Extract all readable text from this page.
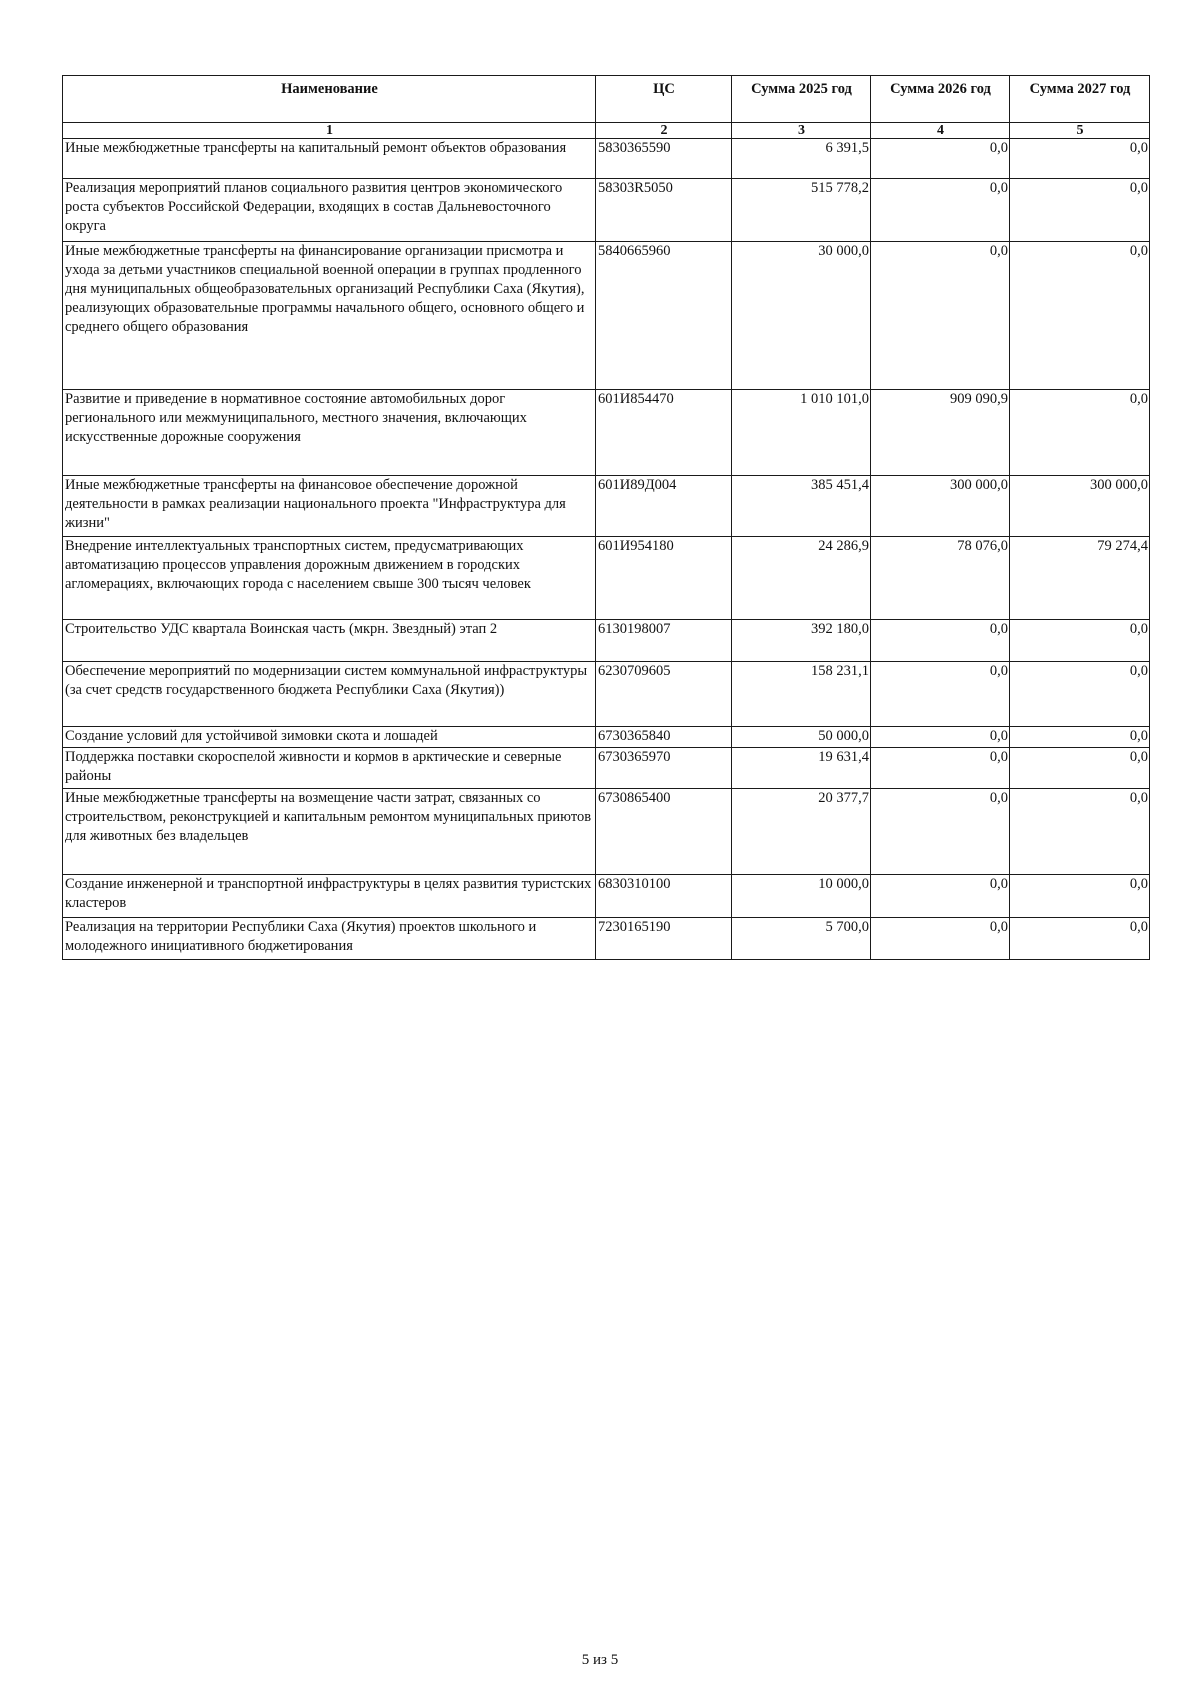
Наименование	ЦС	Сумма 2025 год	Сумма 2026 год	Сумма 2027 год
1	2	3	4	5
Иные межбюджетные трансферты на капитальный ремонт объектов образования	5830365590	6 391,5	0,0	0,0
Реализация мероприятий планов социального развития центров экономического роста субъектов Российской Федерации, входящих в состав Дальневосточного округа	58303R5050	515 778,2	0,0	0,0
Иные межбюджетные трансферты на финансирование организации присмотра и ухода за детьми участников специальной военной операции в группах продленного дня муниципальных общеобразовательных организаций Республики Саха (Якутия), реализующих образовательные программы начального общего, основного общего и среднего общего образования	5840665960	30 000,0	0,0	0,0
Развитие и приведение в нормативное состояние автомобильных дорог регионального или межмуниципального, местного значения, включающих искусственные дорожные сооружения	601И854470	1 010 101,0	909 090,9	0,0
Иные межбюджетные трансферты на финансовое обеспечение дорожной деятельности в рамках реализации национального проекта "Инфраструктура для жизни"	601И89Д004	385 451,4	300 000,0	300 000,0
Внедрение интеллектуальных транспортных систем, предусматривающих автоматизацию процессов управления дорожным движением в городских агломерациях, включающих города с населением свыше 300 тысяч человек	601И954180	24 286,9	78 076,0	79 274,4
Строительство УДС квартала Воинская часть (мкрн. Звездный) этап 2	6130198007	392 180,0	0,0	0,0
Обеспечение мероприятий по модернизации систем коммунальной инфраструктуры (за счет средств государственного бюджета Республики Саха (Якутия))	6230709605	158 231,1	0,0	0,0
Создание условий для устойчивой зимовки скота и лошадей	6730365840	50 000,0	0,0	0,0
Поддержка поставки скороспелой живности и кормов в арктические и северные районы	6730365970	19 631,4	0,0	0,0
Иные межбюджетные трансферты на возмещение части затрат, связанных со строительством, реконструкцией и капитальным ремонтом муниципальных приютов для животных без владельцев	6730865400	20 377,7	0,0	0,0
Создание инженерной и транспортной инфраструктуры в целях развития туристских кластеров	6830310100	10 000,0	0,0	0,0
Реализация на территории Республики Саха (Якутия) проектов школьного и молодежного инициативного бюджетирования	7230165190	5 700,0	0,0	0,0
5 из 5
